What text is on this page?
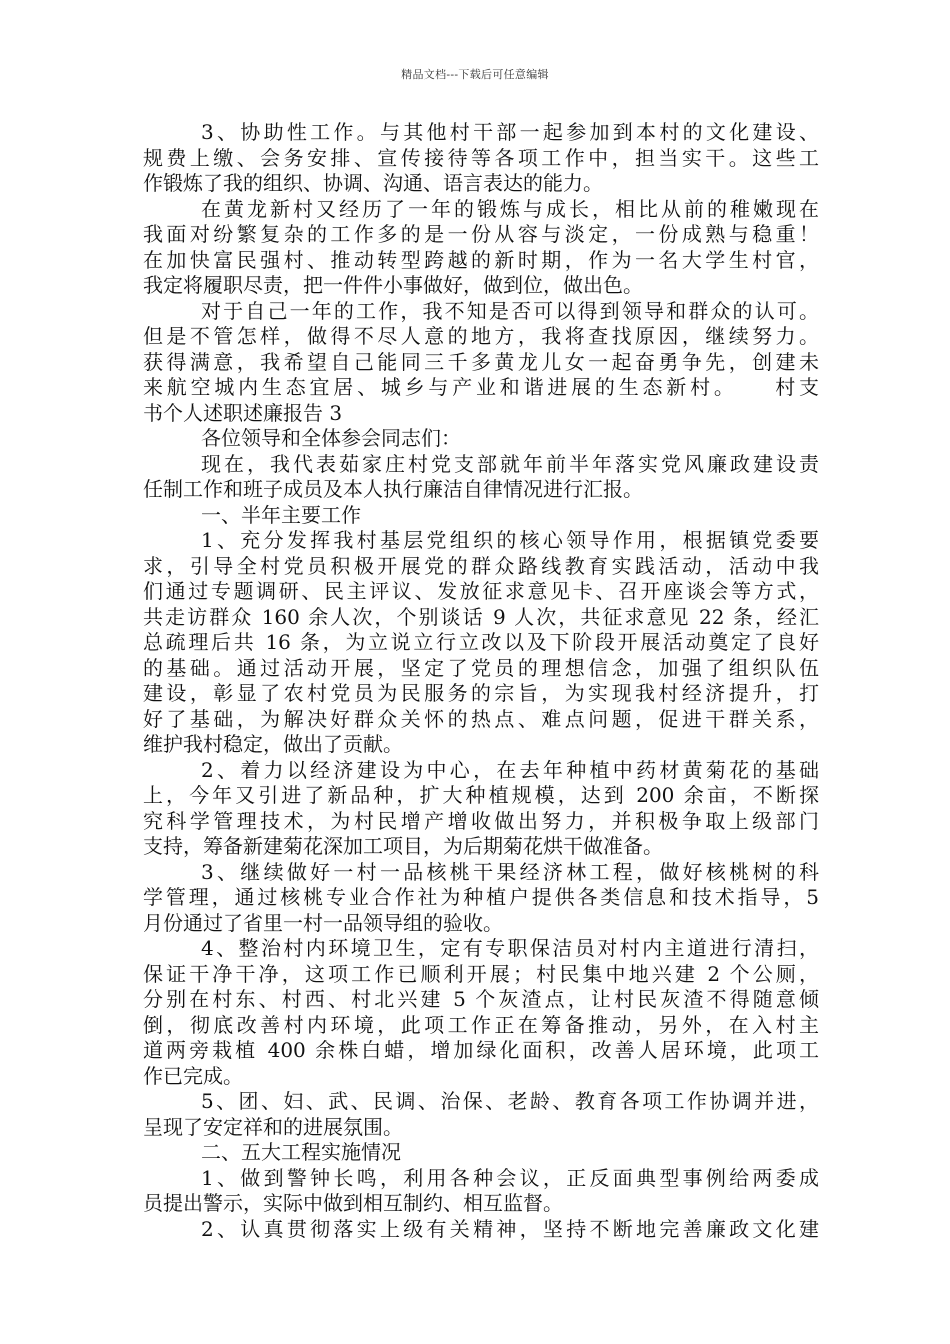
精品文档---下载后可任意编辑
3、协助性工作。与其他村干部一起参加到本村的文化建设、
规费上缴、会务安排、宣传接待等各项工作中，担当实干。这些工
作锻炼了我的组织、协调、沟通、语言表达的能力。
在黄龙新村又经历了一年的锻炼与成长，相比从前的稚嫩现在
我面对纷繁复杂的工作多的是一份从容与淡定，一份成熟与稳重！
在加快富民强村、推动转型跨越的新时期，作为一名大学生村官，
我定将履职尽责，把一件件小事做好，做到位，做出色。
对于自己一年的工作，我不知是否可以得到领导和群众的认可。
但是不管怎样，做得不尽人意的地方，我将查找原因，继续努力。
获得满意，我希望自己能同三千多黄龙儿女一起奋勇争先，创建未
来航空城内生态宜居、城乡与产业和谐进展的生态新村。　　村支
书个人述职述廉报告 3
各位领导和全体参会同志们：
现在，我代表茹家庄村党支部就年前半年落实党风廉政建设责
任制工作和班子成员及本人执行廉洁自律情况进行汇报。
一、半年主要工作
1、充分发挥我村基层党组织的核心领导作用，根据镇党委要
求，引导全村党员积极开展党的群众路线教育实践活动，活动中我
们通过专题调研、民主评议、发放征求意见卡、召开座谈会等方式，
共走访群众 160 余人次，个别谈话 9 人次，共征求意见 22 条，经汇
总疏理后共 16 条，为立说立行立改以及下阶段开展活动奠定了良好
的基础。通过活动开展，坚定了党员的理想信念，加强了组织队伍
建设，彰显了农村党员为民服务的宗旨，为实现我村经济提升，打
好了基础，为解决好群众关怀的热点、难点问题，促进干群关系，
维护我村稳定，做出了贡献。
2、着力以经济建设为中心，在去年种植中药材黄菊花的基础
上，今年又引进了新品种，扩大种植规模，达到 200 余亩，不断探
究科学管理技术，为村民增产增收做出努力，并积极争取上级部门
支持，筹备新建菊花深加工项目，为后期菊花烘干做准备。
3、继续做好一村一品核桃干果经济林工程，做好核桃树的科
学管理，通过核桃专业合作社为种植户提供各类信息和技术指导，5
月份通过了省里一村一品领导组的验收。
4、整治村内环境卫生，定有专职保洁员对村内主道进行清扫，
保证干净干净，这项工作已顺利开展；村民集中地兴建 2 个公厕，
分别在村东、村西、村北兴建 5 个灰渣点，让村民灰渣不得随意倾
倒，彻底改善村内环境，此项工作正在筹备推动，另外，在入村主
道两旁栽植 400 余株白蜡，增加绿化面积，改善人居环境，此项工
作已完成。
5、团、妇、武、民调、治保、老龄、教育各项工作协调并进，
呈现了安定祥和的进展氛围。
二、五大工程实施情况
1、做到警钟长鸣，利用各种会议，正反面典型事例给两委成
员提出警示，实际中做到相互制约、相互监督。
2、认真贯彻落实上级有关精神，坚持不断地完善廉政文化建
